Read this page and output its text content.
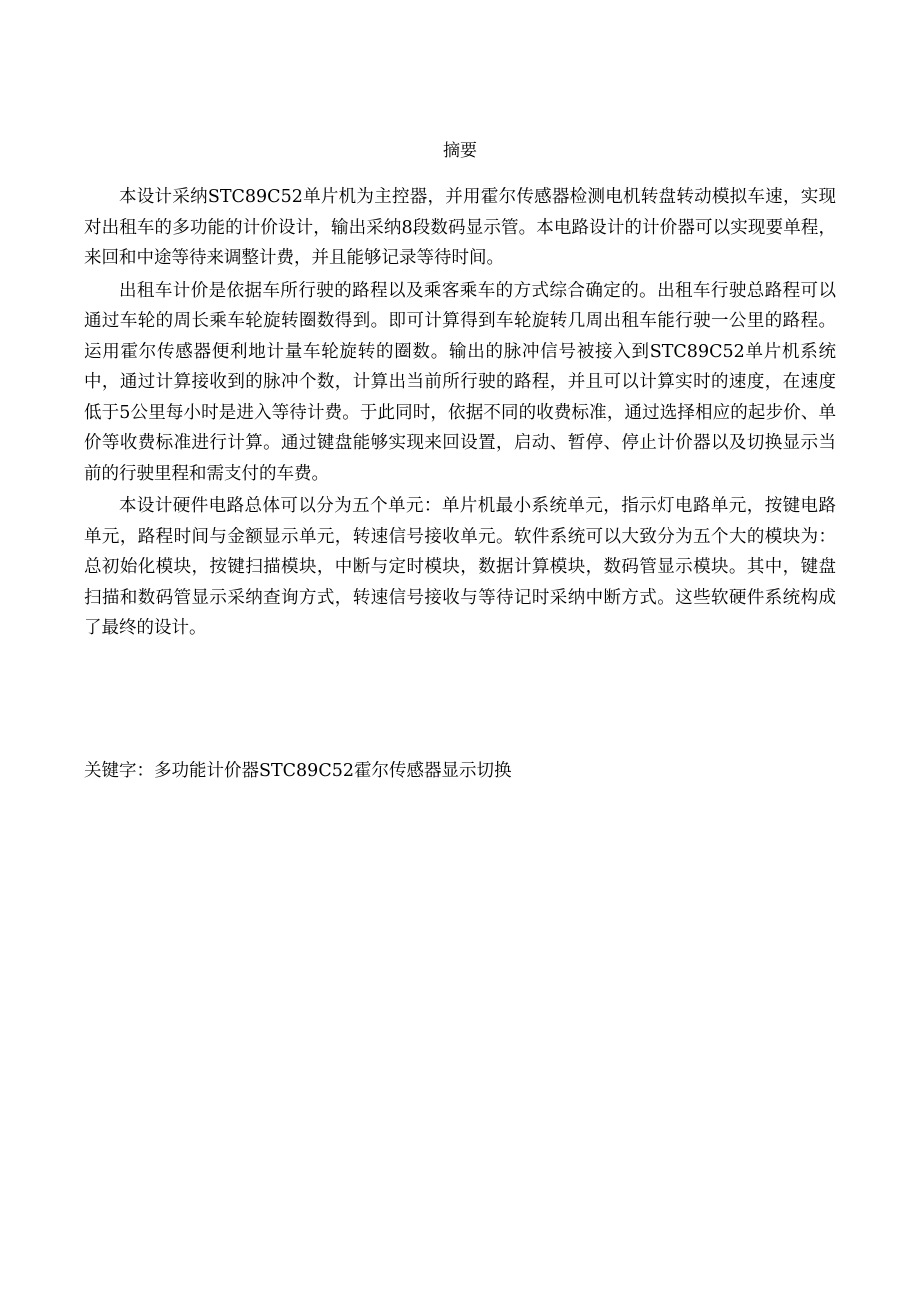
摘要

本设计采纳STC89C52单片机为主控器，并用霍尔传感器检测电机转盘转动模拟车速，实现对出租车的多功能的计价设计，输出采纳8段数码显示管。本电路设计的计价器可以实现要单程，来回和中途等待来调整计费，并且能够记录等待时间。

出租车计价是依据车所行驶的路程以及乘客乘车的方式综合确定的。出租车行驶总路程可以通过车轮的周长乘车轮旋转圈数得到。即可计算得到车轮旋转几周出租车能行驶一公里的路程。运用霍尔传感器便利地计量车轮旋转的圈数。输出的脉冲信号被接入到STC89C52单片机系统中，通过计算接收到的脉冲个数，计算出当前所行驶的路程，并且可以计算实时的速度，在速度低于5公里每小时是进入等待计费。于此同时，依据不同的收费标准，通过选择相应的起步价、单价等收费标准进行计算。通过键盘能够实现来回设置，启动、暂停、停止计价器以及切换显示当前的行驶里程和需支付的车费。

本设计硬件电路总体可以分为五个单元：单片机最小系统单元，指示灯电路单元，按键电路单元，路程时间与金额显示单元，转速信号接收单元。软件系统可以大致分为五个大的模块为：总初始化模块，按键扫描模块，中断与定时模块，数据计算模块，数码管显示模块。其中，键盘扫描和数码管显示采纳查询方式，转速信号接收与等待记时采纳中断方式。这些软硬件系统构成了最终的设计。

关键字：多功能计价器STC89C52霍尔传感器显示切换
